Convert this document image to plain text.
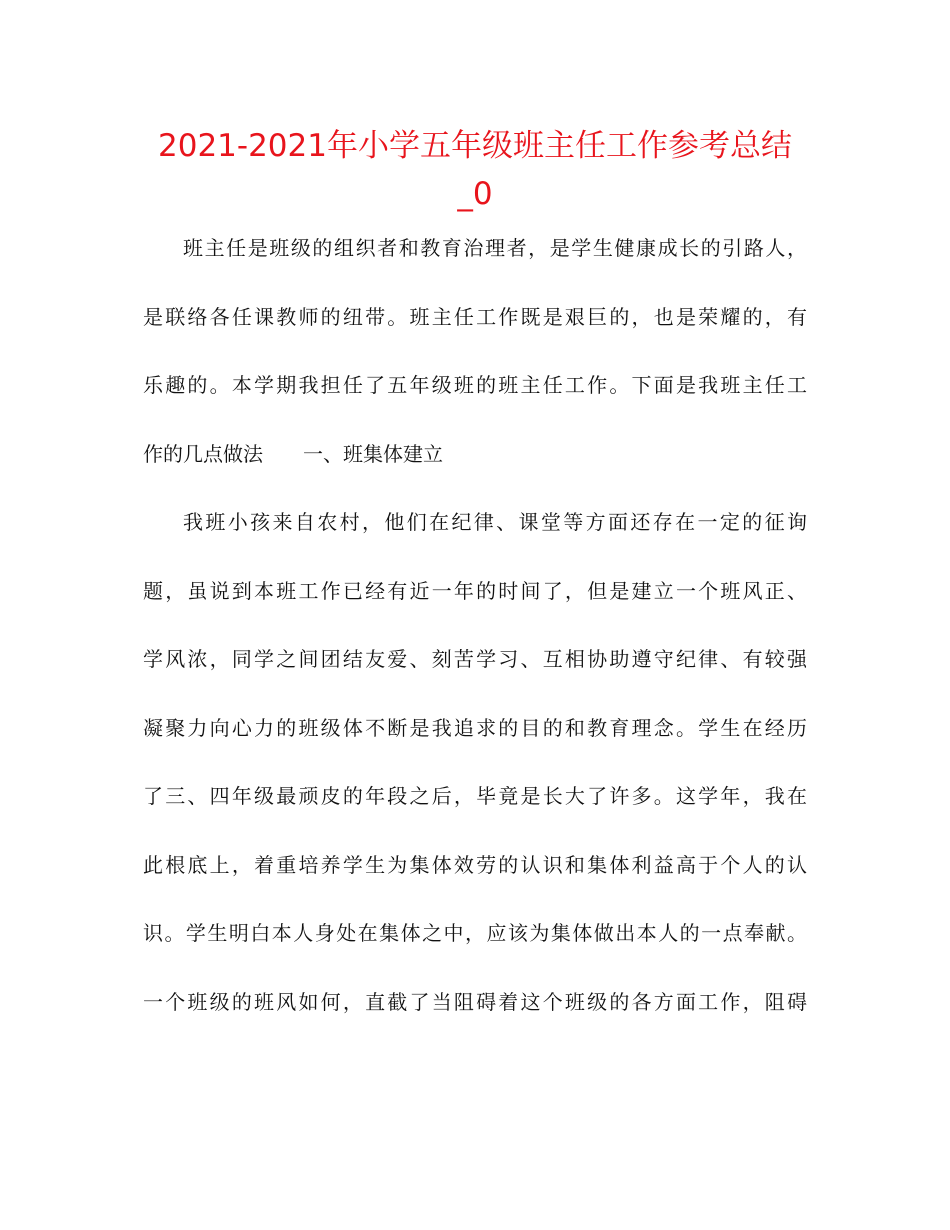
2021-2021年小学五年级班主任工作参考总结
_0
班主任是班级的组织者和教育治理者，是学生健康成长的引路人，
是联络各任课教师的纽带。班主任工作既是艰巨的，也是荣耀的，有
乐趣的。本学期我担任了五年级班的班主任工作。下面是我班主任工
作的几点做法 一、班集体建立
我班小孩来自农村，他们在纪律、课堂等方面还存在一定的征询
题，虽说到本班工作已经有近一年的时间了，但是建立一个班风正、
学风浓，同学之间团结友爱、刻苦学习、互相协助遵守纪律、有较强
凝聚力向心力的班级体不断是我追求的目的和教育理念。学生在经历
了三、四年级最顽皮的年段之后，毕竟是长大了许多。这学年，我在
此根底上，着重培养学生为集体效劳的认识和集体利益高于个人的认
识。学生明白本人身处在集体之中，应该为集体做出本人的一点奉献。
一个班级的班风如何，直截了当阻碍着这个班级的各方面工作，阻碍
